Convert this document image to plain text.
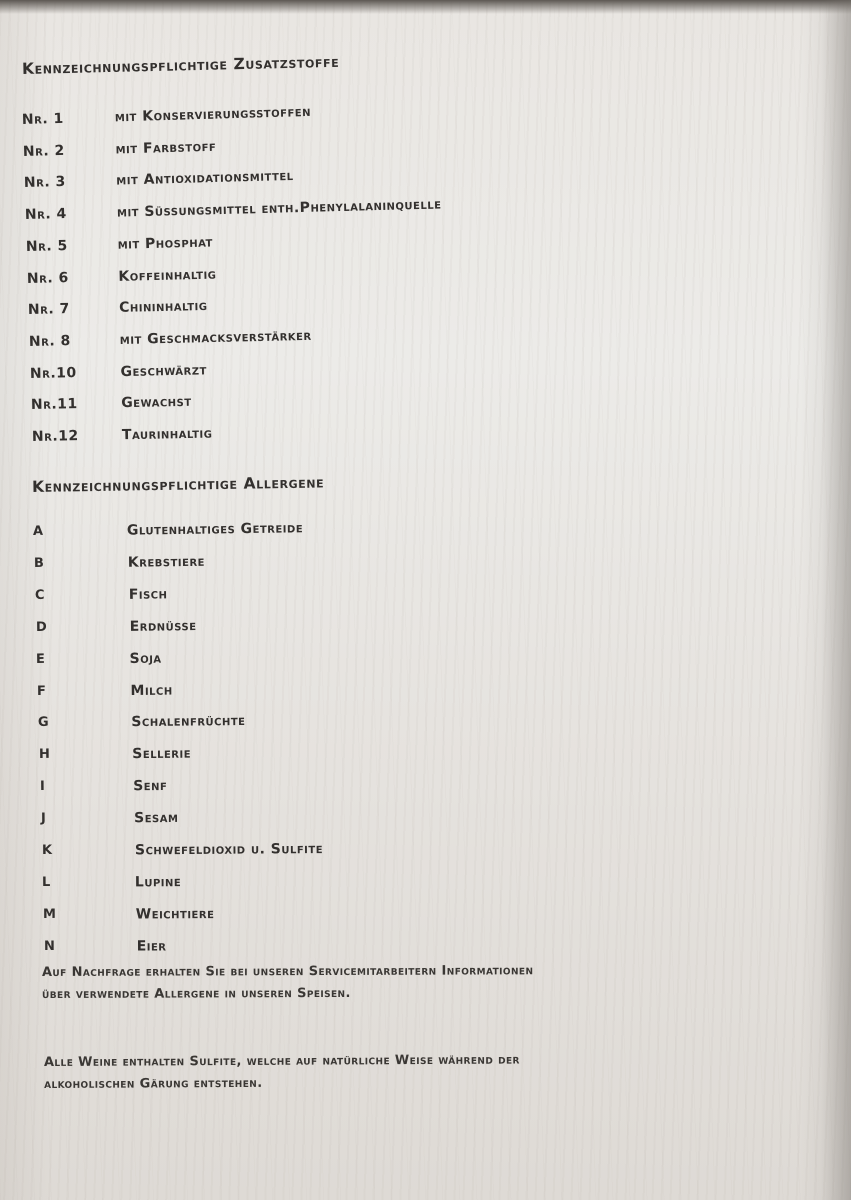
Kennzeichnungspflichtige Zusatzstoffe
Kennzeichnungspflichtige Allergene
Auf Nachfrage erhalten Sie bei unseren Servicemitarbeitern Informationen
über verwendete Allergene in unseren Speisen.
Alle Weine enthalten Sulfite, welche auf natürliche Weise während der
alkoholischen Gärung entstehen.
Nr. 1	mit Konservierungsstoffen
Nr. 2	mit Farbstoff
Nr. 3	mit Antioxidationsmittel
Nr. 4	mit Süssungsmittel enth.Phenylalaninquelle
Nr. 5	mit Phosphat
Nr. 6	Koffeinhaltig
Nr. 7	Chininhaltig
Nr. 8	mit Geschmacksverstärker
Nr.10	Geschwärzt
Nr.11	Gewachst
Nr.12	Taurinhaltig
A	Glutenhaltiges Getreide
B	Krebstiere
C	Fisch
D	Erdnüsse
E	Soja
F	Milch
G	Schalenfrüchte
H	Sellerie
I	Senf
J	Sesam
K	Schwefeldioxid u. Sulfite
L	Lupine
M	Weichtiere
N	Eier
